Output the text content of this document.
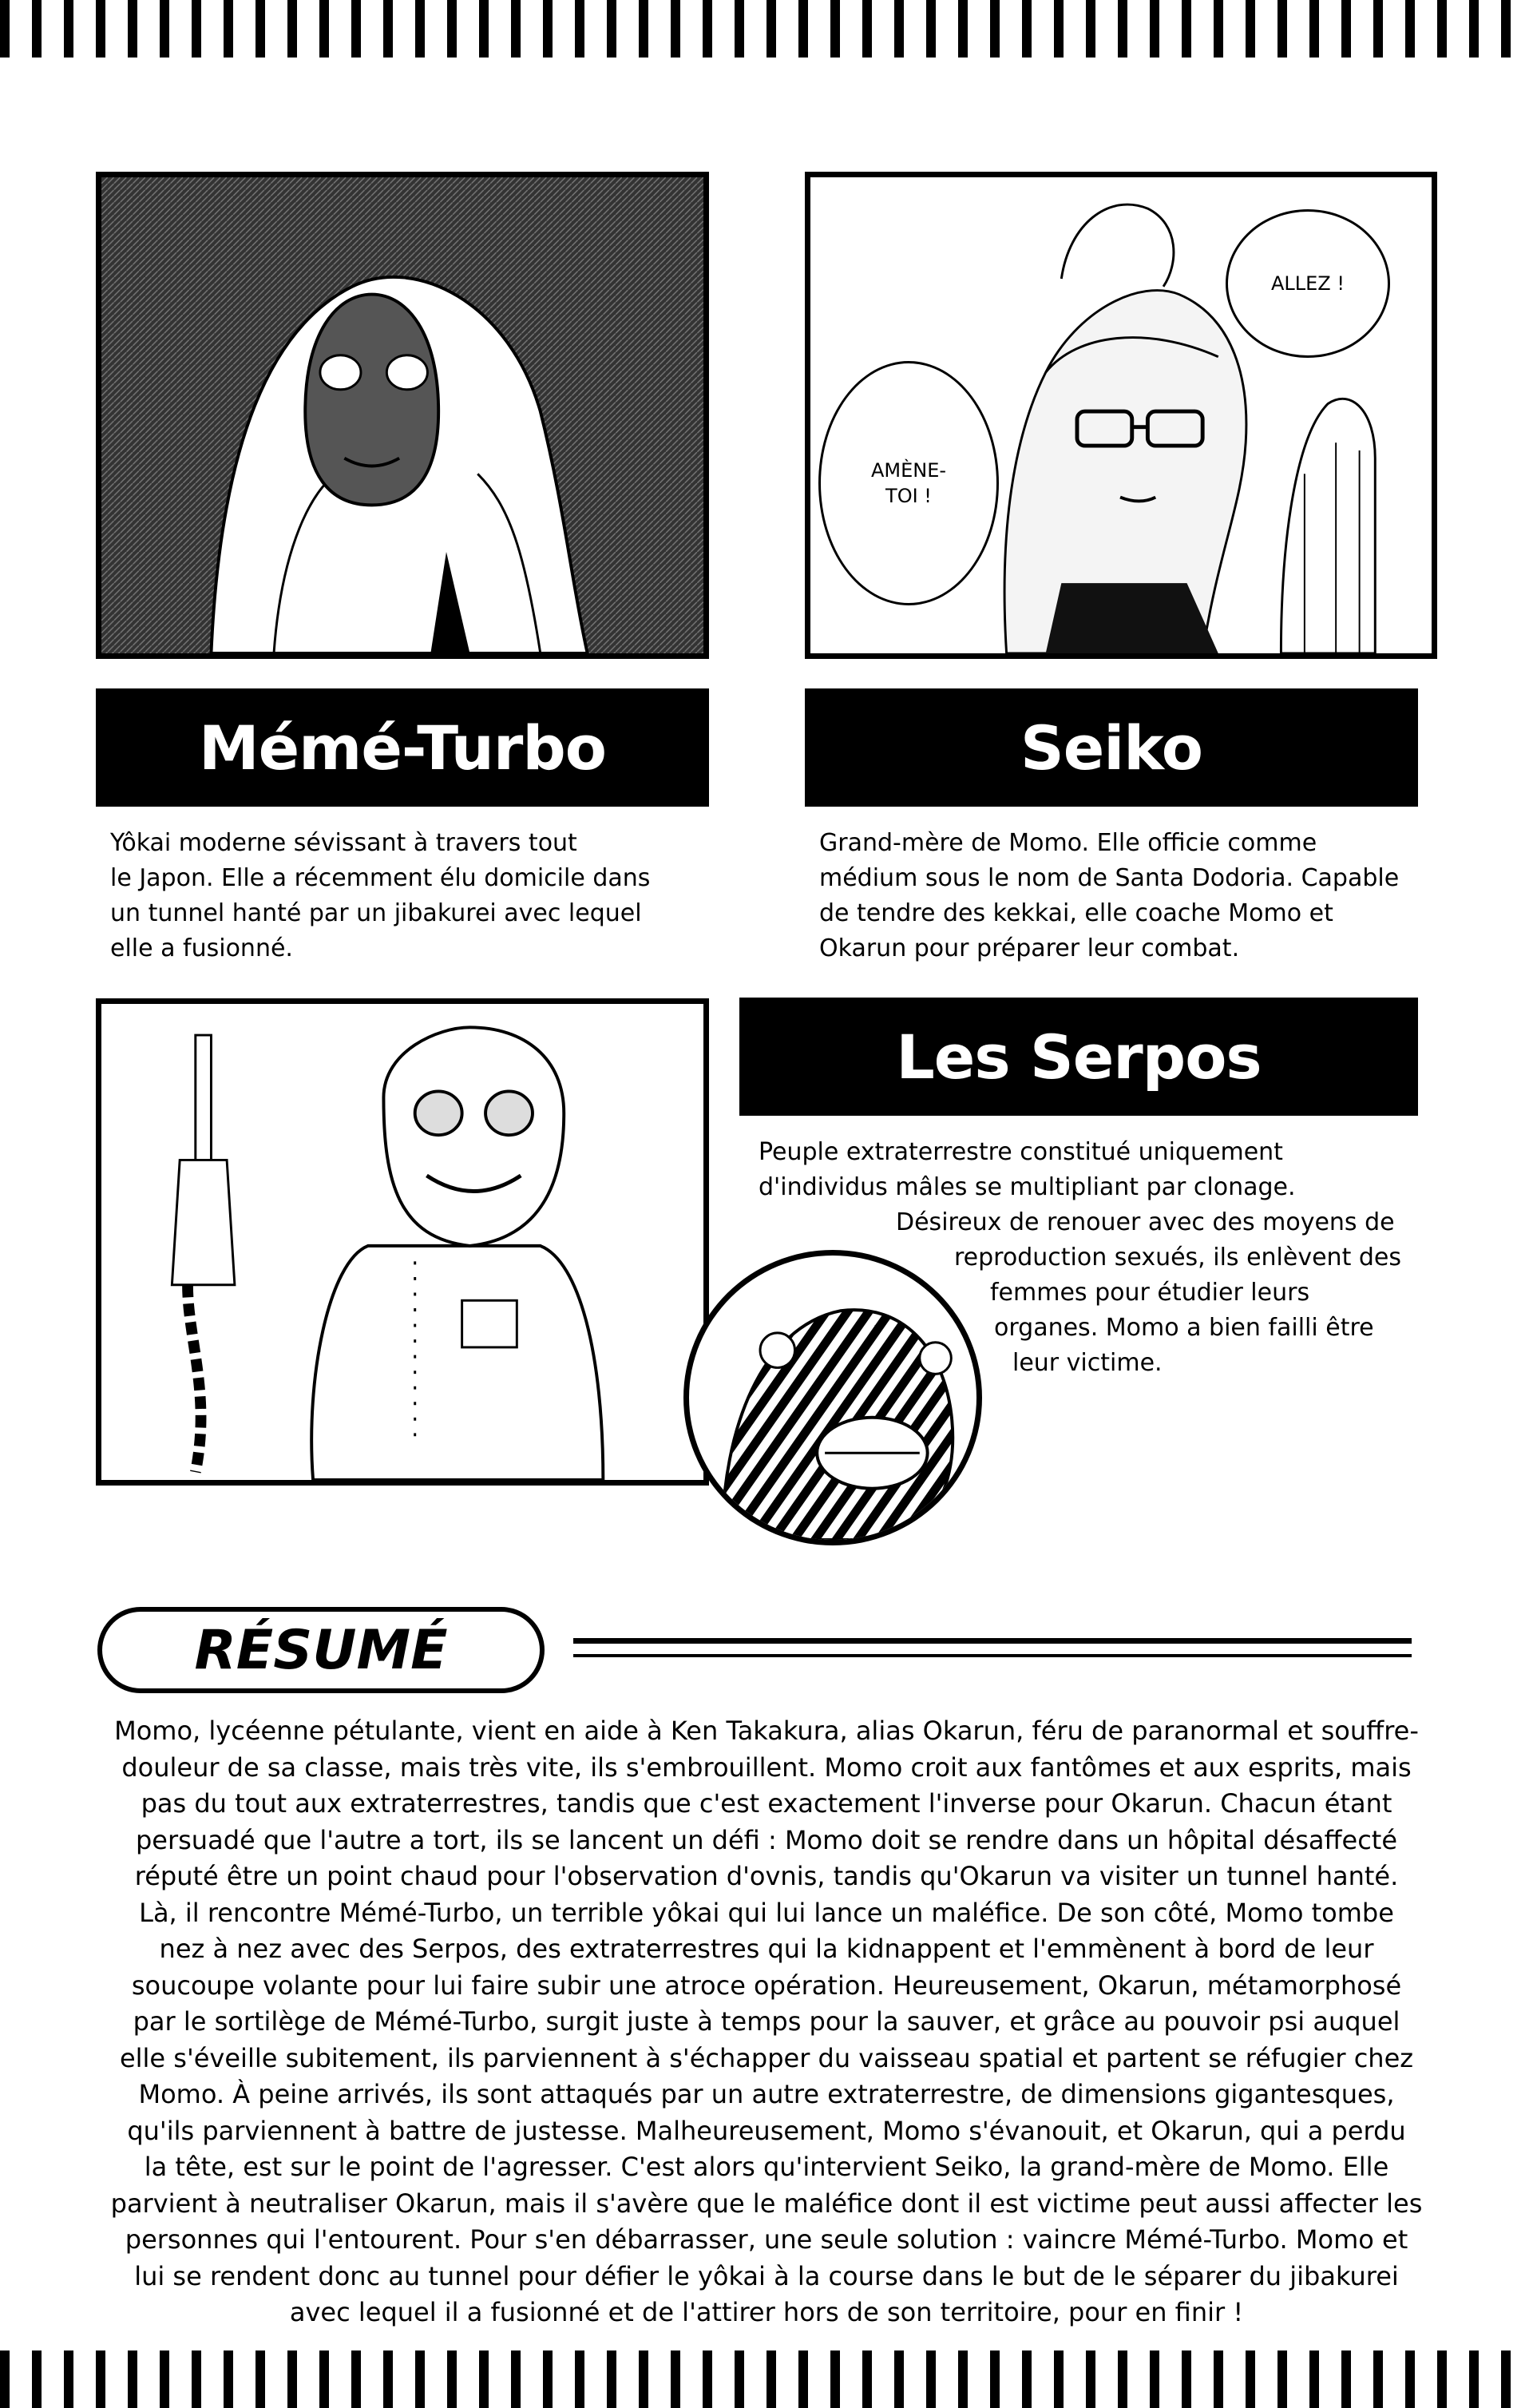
ALLEZ !
AMÈNE-
TOI !
Mémé-Turbo	Seiko
Yôkai moderne sévissant à travers tout
le Japon. Elle a récemment élu domicile dans
un tunnel hanté par un jibakurei avec lequel
elle a fusionné.
Grand-mère de Momo. Elle officie comme
médium sous le nom de Santa Dodoria. Capable
de tendre des kekkai, elle coache Momo et
Okarun pour préparer leur combat.
Les Serpos
Peuple extraterrestre constitué uniquement
d'individus mâles se multipliant par clonage.
Désireux de renouer avec des moyens de
reproduction sexués, ils enlèvent des
femmes pour étudier leurs
organes. Momo a bien failli être
leur victime.
RÉSUMÉ
Momo, lycéenne pétulante, vient en aide à Ken Takakura, alias Okarun, féru de paranormal et souffre-
douleur de sa classe, mais très vite, ils s'embrouillent. Momo croit aux fantômes et aux esprits, mais
pas du tout aux extraterrestres, tandis que c'est exactement l'inverse pour Okarun. Chacun étant
persuadé que l'autre a tort, ils se lancent un défi : Momo doit se rendre dans un hôpital désaffecté
réputé être un point chaud pour l'observation d'ovnis, tandis qu'Okarun va visiter un tunnel hanté.
Là, il rencontre Mémé-Turbo, un terrible yôkai qui lui lance un maléfice. De son côté, Momo tombe
nez à nez avec des Serpos, des extraterrestres qui la kidnappent et l'emmènent à bord de leur
soucoupe volante pour lui faire subir une atroce opération. Heureusement, Okarun, métamorphosé
par le sortilège de Mémé-Turbo, surgit juste à temps pour la sauver, et grâce au pouvoir psi auquel
elle s'éveille subitement, ils parviennent à s'échapper du vaisseau spatial et partent se réfugier chez
Momo. À peine arrivés, ils sont attaqués par un autre extraterrestre, de dimensions gigantesques,
qu'ils parviennent à battre de justesse. Malheureusement, Momo s'évanouit, et Okarun, qui a perdu
la tête, est sur le point de l'agresser. C'est alors qu'intervient Seiko, la grand-mère de Momo. Elle
parvient à neutraliser Okarun, mais il s'avère que le maléfice dont il est victime peut aussi affecter les
personnes qui l'entourent. Pour s'en débarrasser, une seule solution : vaincre Mémé-Turbo. Momo et
lui se rendent donc au tunnel pour défier le yôkai à la course dans le but de le séparer du jibakurei
avec lequel il a fusionné et de l'attirer hors de son territoire, pour en finir !
